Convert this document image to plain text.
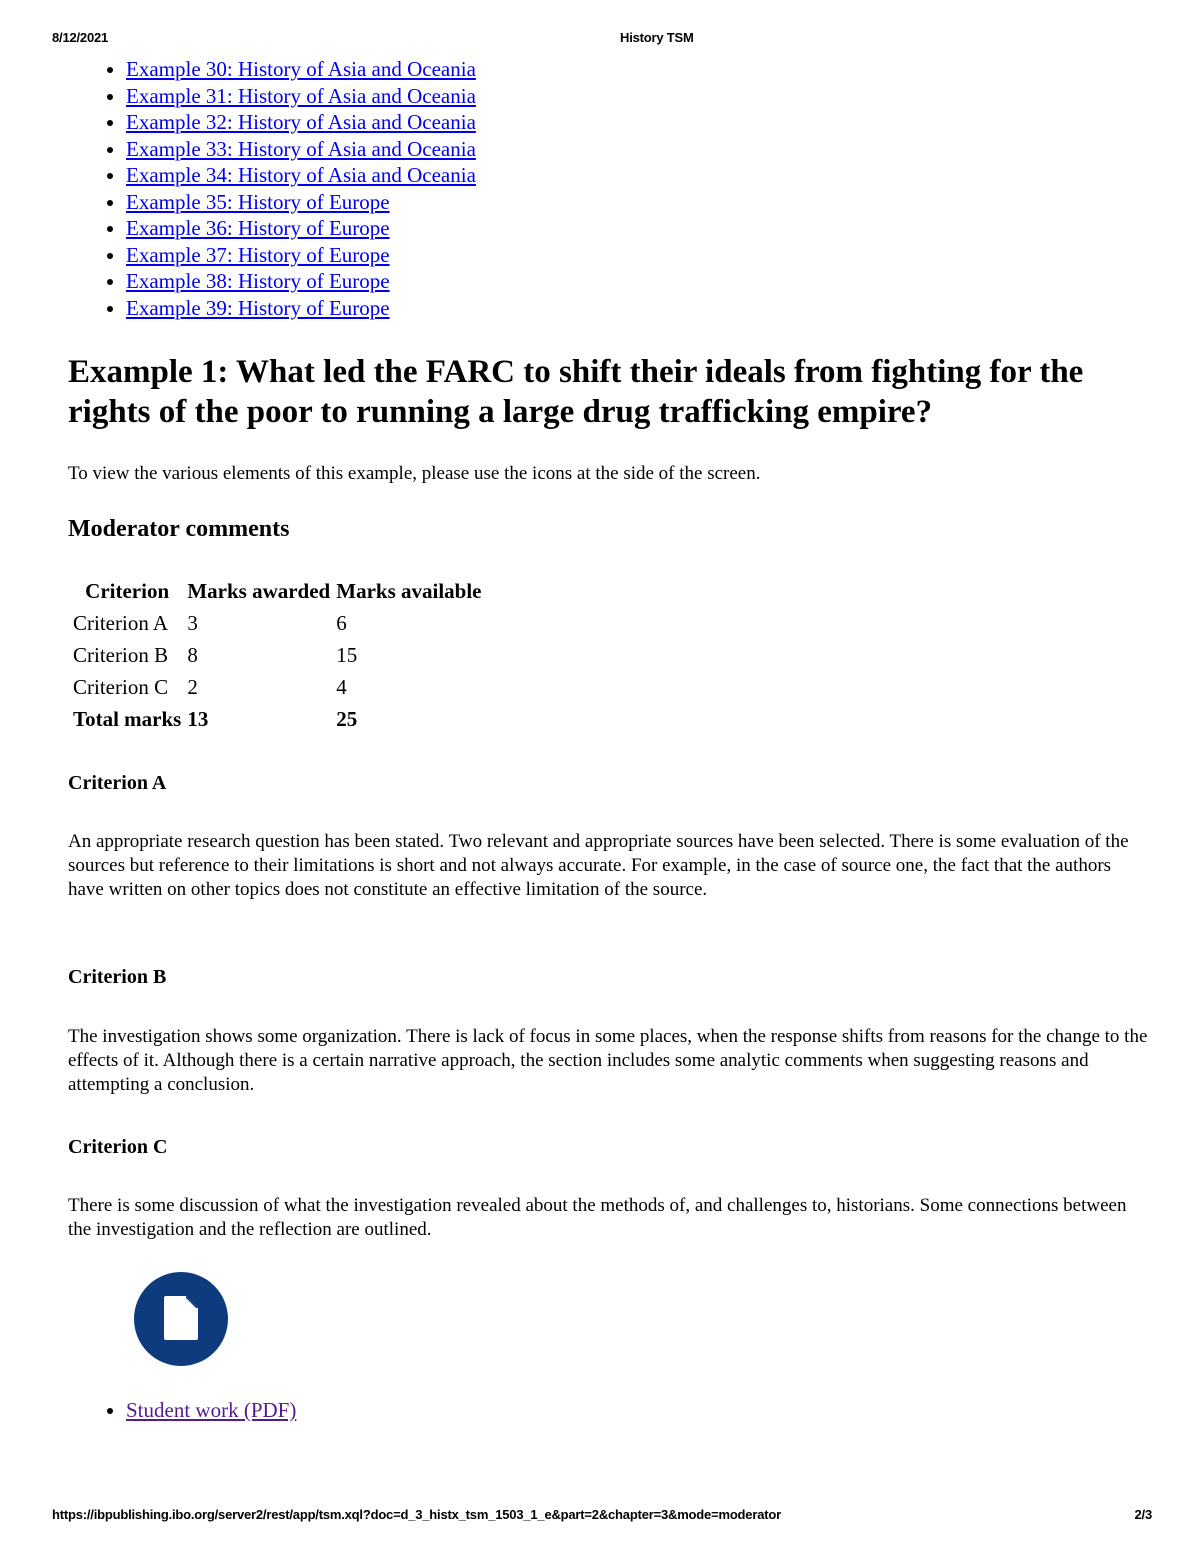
8/12/2021	History TSM
• Example 30: History of Asia and Oceania
• Example 31: History of Asia and Oceania
• Example 32: History of Asia and Oceania
• Example 33: History of Asia and Oceania
• Example 34: History of Asia and Oceania
• Example 35: History of Europe
• Example 36: History of Europe
• Example 37: History of Europe
• Example 38: History of Europe
• Example 39: History of Europe
Example 1: What led the FARC to shift their ideals from fighting for the rights of the poor to running a large drug trafficking empire?

To view the various elements of this example, please use the icons at the side of the screen.

Moderator comments
Criterion	Marks awarded	Marks available
Criterion A	3	6
Criterion B	8	15
Criterion C	2	4
Total marks	13	25
Criterion A

An appropriate research question has been stated. Two relevant and appropriate sources have been selected. There is some evaluation of the sources but reference to their limitations is short and not always accurate. For example, in the case of source one, the fact that the authors have written on other topics does not constitute an effective limitation of the source.

Criterion B

The investigation shows some organization. There is lack of focus in some places, when the response shifts from reasons for the change to the effects of it. Although there is a certain narrative approach, the section includes some analytic comments when suggesting reasons and attempting a conclusion.

Criterion C

There is some discussion of what the investigation revealed about the methods of, and challenges to, historians. Some connections between the investigation and the reflection are outlined.

• Student work (PDF)
https://ibpublishing.ibo.org/server2/rest/app/tsm.xql?doc=d_3_histx_tsm_1503_1_e&part=2&chapter=3&mode=moderator	2/3
